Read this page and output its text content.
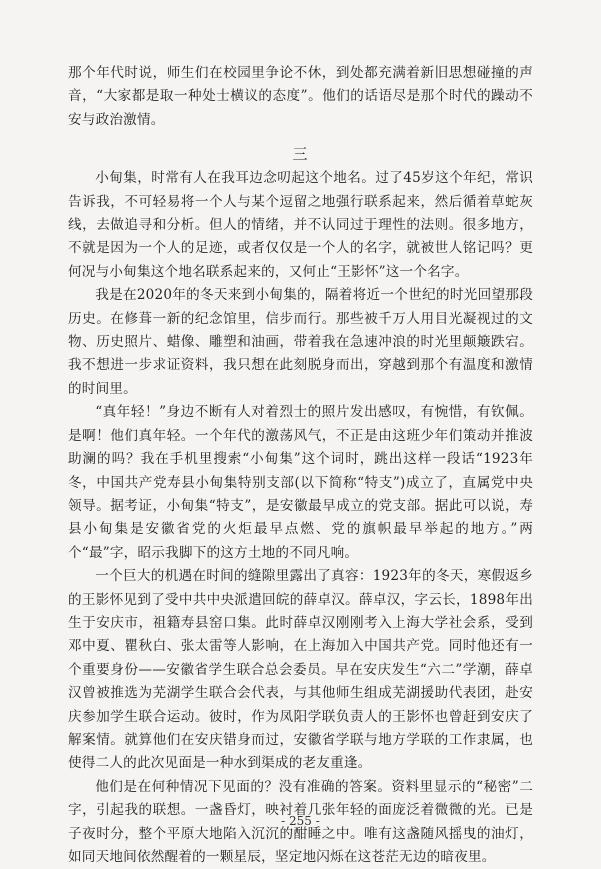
那个年代时说，师生们在校园里争论不休，到处都充满着新旧思想碰撞的声音，“大家都是取一种处士横议的态度”。他们的话语尽是那个时代的躁动不安与政治激情。

三

小甸集，时常有人在我耳边念叨起这个地名。过了45岁这个年纪，常识告诉我，不可轻易将一个人与某个逗留之地强行联系起来，然后循着草蛇灰线，去做追寻和分析。但人的情绪，并不认同过于理性的法则。很多地方，不就是因为一个人的足迹，或者仅仅是一个人的名字，就被世人铭记吗？更何况与小甸集这个地名联系起来的，又何止“王影怀”这一个名字。

我是在2020年的冬天来到小甸集的，隔着将近一个世纪的时光回望那段历史。在修葺一新的纪念馆里，信步而行。那些被千万人用目光凝视过的文物、历史照片、蜡像、雕塑和油画，带着我在急速冲浪的时光里颠簸跌宕。我不想进一步求证资料，我只想在此刻脱身而出，穿越到那个有温度和激情的时间里。

“真年轻！”身边不断有人对着烈士的照片发出感叹，有惋惜，有钦佩。是啊！他们真年轻。一个年代的激荡风气，不正是由这班少年们策动并推波助澜的吗？我在手机里搜索“小甸集”这个词时，跳出这样一段话“1923年冬，中国共产党寿县小甸集特别支部(以下简称“特支”)成立了，直属党中央领导。据考证，小甸集“特支”，是安徽最早成立的党支部。据此可以说，寿县小甸集是安徽省党的火炬最早点燃、党的旗帜最早举起的地方。”两个“最”字，昭示我脚下的这方土地的不同凡响。

一个巨大的机遇在时间的缝隙里露出了真容：1923年的冬天，寒假返乡的王影怀见到了受中共中央派遣回皖的薛卓汉。薛卓汉，字云长，1898年出生于安庆市，祖籍寿县窑口集。此时薛卓汉刚刚考入上海大学社会系，受到邓中夏、瞿秋白、张太雷等人影响，在上海加入中国共产党。同时他还有一个重要身份——安徽省学生联合总会委员。早在安庆发生“六二”学潮，薛卓汉曾被推选为芜湖学生联合会代表，与其他师生组成芜湖援助代表团，赴安庆参加学生联合运动。彼时，作为凤阳学联负责人的王影怀也曾赶到安庆了解案情。就算他们在安庆错身而过，安徽省学联与地方学联的工作隶属，也使得二人的此次见面是一种水到渠成的老友重逢。

他们是在何种情况下见面的？没有准确的答案。资料里显示的“秘密”二字，引起我的联想。一盏昏灯，映衬着几张年轻的面庞泛着微微的光。已是子夜时分，整个平原大地陷入沉沉的酣睡之中。唯有这盏随风摇曳的油灯，如同天地间依然醒着的一颗星辰，坚定地闪烁在这苍茫无边的暗夜里。

- 255 -
